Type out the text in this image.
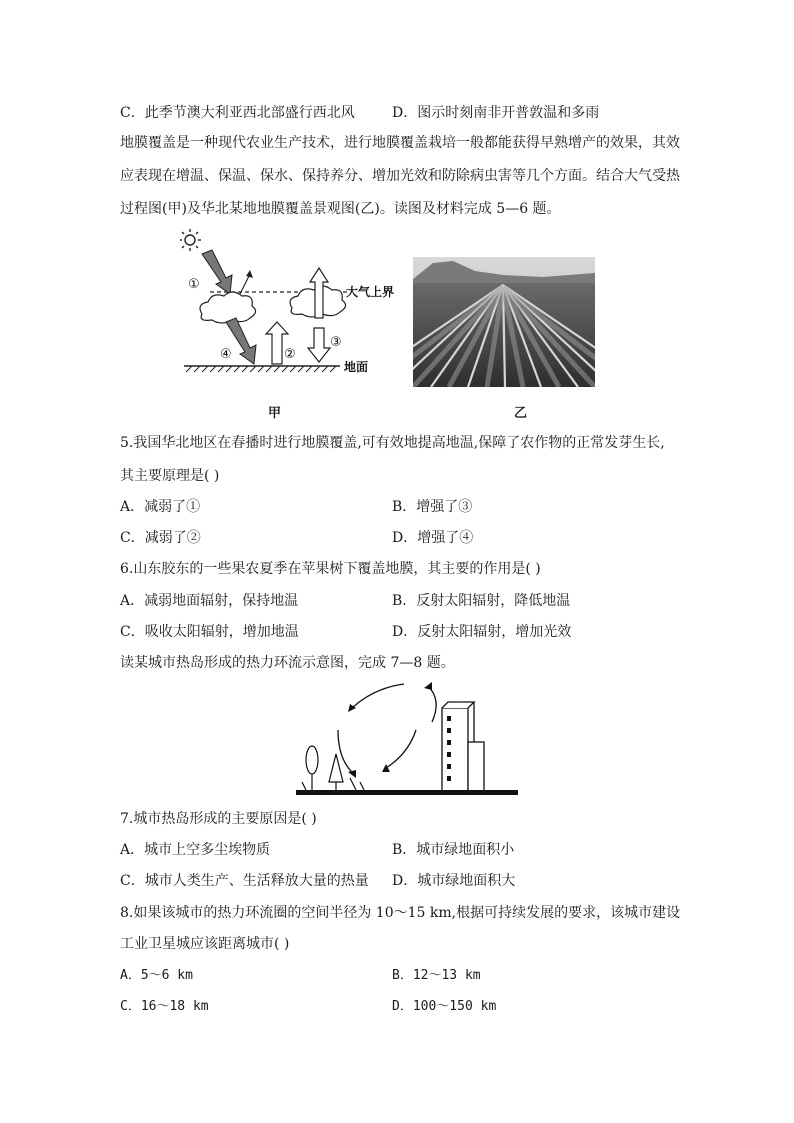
C．此季节澳大利亚西北部盛行西北风	D．图示时刻南非开普敦温和多雨
地膜覆盖是一种现代农业生产技术，进行地膜覆盖栽培一般都能获得早熟增产的效果，其效
应表现在增温、保温、保水、保持养分、增加光效和防除病虫害等几个方面。结合大气受热
过程图(甲)及华北某地地膜覆盖景观图(乙)。读图及材料完成 5—6 题。
大气上界
地面
①
②
③
④
甲	乙
5.我国华北地区在春播时进行地膜覆盖,可有效地提高地温,保障了农作物的正常发芽生长,
其主要原理是( )
A．减弱了①	B．增强了③
C．减弱了②	D．增强了④
6.山东胶东的一些果农夏季在苹果树下覆盖地膜，其主要的作用是( )
A．减弱地面辐射，保持地温	B．反射太阳辐射，降低地温
C．吸收太阳辐射，增加地温	D．反射太阳辐射，增加光效
读某城市热岛形成的热力环流示意图，完成 7—8 题。
7.城市热岛形成的主要原因是( )
A．城市上空多尘埃物质	B．城市绿地面积小
C．城市人类生产、生活释放大量的热量 D．城市绿地面积大
8.如果该城市的热力环流圈的空间半径为 10～15 km,根据可持续发展的要求，该城市建设
工业卫星城应该距离城市( )
A．5～6 km	B．12～13 km
C．16～18 km	D．100～150 km
